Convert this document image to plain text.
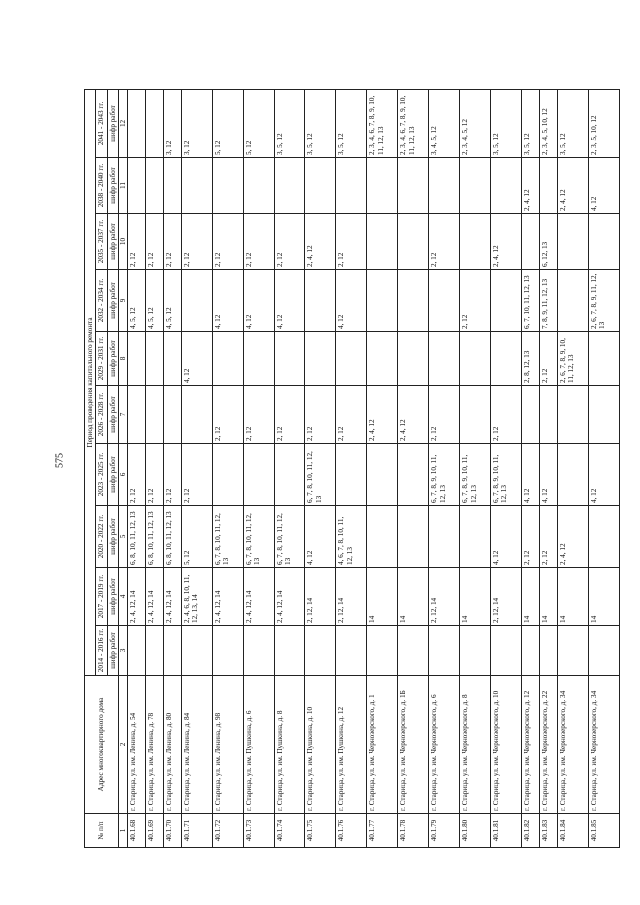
575
№ п/п	Адрес многоквартирного дома	Период проведения капитального ремонта									
		2014 - 2016 гг.	2017 - 2019 гг.	2020 - 2022 гг.	2023 - 2025 гг.	2026 - 2028 гг.	2029 - 2031 гг.	2032 - 2034 гг.	2035 - 2037 гг.	2038 - 2040 гг.	2041 - 2043 гг.
		шифр работ	шифр работ	шифр работ	шифр работ	шифр работ	шифр работ	шифр работ	шифр работ	шифр работ	шифр работ
1	2	3	4	5	6	7	8	9	10	11	12
40.1.68	г. Старица, ул. им. Ленина, д. 54		2, 4, 12, 14	6, 8, 10, 11, 12, 13	2, 12			4, 5, 12	2, 12		
40.1.69	г. Старица, ул. им. Ленина, д. 78		2, 4, 12, 14	6, 8, 10, 11, 12, 13	2, 12			4, 5, 12	2, 12		
40.1.70	г. Старица, ул. им. Ленина, д. 80		2, 4, 12, 14	6, 8, 10, 11, 12, 13	2, 12			4, 5, 12	2, 12		3, 12
40.1.71	г. Старица, ул. им. Ленина, д. 84		2, 4, 6, 8, 10, 11, 12, 13, 14	5, 12	2, 12		4, 12		2, 12		3, 12
40.1.72	г. Старица, ул. им. Ленина, д. 98		2, 4, 12, 14	6, 7, 8, 10, 11, 12, 13		2, 12		4, 12	2, 12		5, 12
40.1.73	г. Старица, ул. им. Пушкина, д. 6		2, 4, 12, 14	6, 7, 8, 10, 11, 12, 13		2, 12		4, 12	2, 12		5, 12
40.1.74	г. Старица, ул. им. Пушкина, д. 8		2, 4, 12, 14	6, 7, 8, 10, 11, 12, 13		2, 12		4, 12	2, 12		3, 5, 12
40.1.75	г. Старица, ул. им. Пушкина, д. 10		2, 12, 14	4, 12	6, 7, 8, 10, 11, 12, 13	2, 12			2, 4, 12		3, 5, 12
40.1.76	г. Старица, ул. им. Пушкина, д. 12		2, 12, 14	4, 6, 7, 8, 10, 11, 12, 13		2, 12		4, 12	2, 12		3, 5, 12
40.1.77	г. Старица, ул. им. Чернозерского, д. 1		14			2, 4, 12					2, 3, 4, 6, 7, 8, 9, 10, 11, 12, 13
40.1.78	г. Старица, ул. им. Чернозерского, д. 1Б		14			2, 4, 12					2, 3, 4, 6, 7, 8, 9, 10, 11, 12, 13
40.1.79	г. Старица, ул. им. Чернозерского, д. 6		2, 12, 14		6, 7, 8, 9, 10, 11, 12, 13	2, 12			2, 12		3, 4, 5, 12
40.1.80	г. Старица, ул. им. Чернозерского, д. 8		14		6, 7, 8, 9, 10, 11, 12, 13			2, 12			2, 3, 4, 5, 12
40.1.81	г. Старица, ул. им. Чернозерского, д. 10		2, 12, 14	4, 12	6, 7, 8, 9, 10, 11, 12, 13	2, 12			2, 4, 12		3, 5, 12
40.1.82	г. Старица, ул. им. Чернозерского, д. 12		14	2, 12	4, 12		2, 8, 12, 13	6, 7, 10, 11, 12, 13		2, 4, 12	3, 5, 12
40.1.83	г. Старица, ул. им. Чернозерского, д. 22		14	2, 12	4, 12		2, 12	7, 8, 9, 11, 12, 13	6, 12, 13		2, 3, 4, 5, 10, 12
40.1.84	г. Старица, ул. им. Чернозерского, д. 34		14	2, 4, 12			2, 6, 7, 8, 9, 10, 11, 12, 13			2, 4, 12	3, 5, 12
40.1.85	г. Старица, ул. им. Чернозерского, д. 34		14		4, 12			2, 6, 7, 8, 9, 11, 12, 13		4, 12	2, 3, 5, 10, 12
